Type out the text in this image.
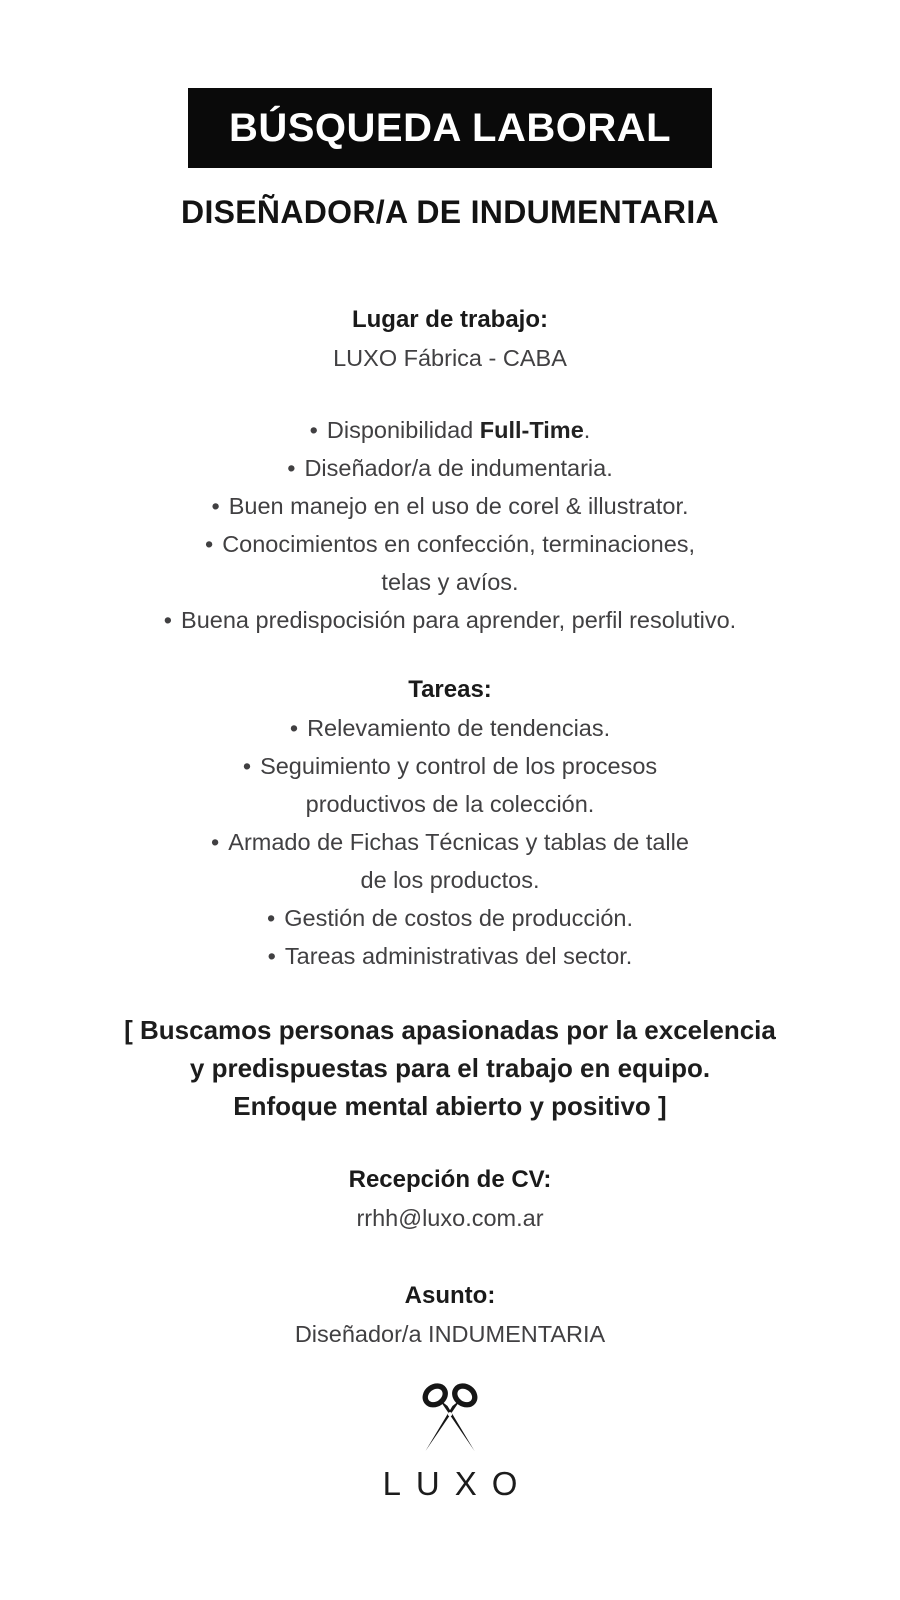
BÚSQUEDA LABORAL
DISEÑADOR/A DE INDUMENTARIA
Lugar de trabajo:
LUXO Fábrica - CABA
• Disponibilidad Full-Time.
• Diseñador/a de indumentaria.
• Buen manejo en el uso de corel & illustrator.
• Conocimientos en confección, terminaciones,
telas y avíos.
• Buena predispocisión para aprender, perfil resolutivo.
Tareas:
• Relevamiento de tendencias.
• Seguimiento y control de los procesos
productivos de la colección.
• Armado de Fichas Técnicas y tablas de talle
de los productos.
• Gestión de costos de producción.
• Tareas administrativas del sector.
[ Buscamos personas apasionadas por la excelencia
y predispuestas para el trabajo en equipo.
Enfoque mental abierto y positivo ]
Recepción de CV:
rrhh@luxo.com.ar
Asunto:
Diseñador/a INDUMENTARIA
LUXO
